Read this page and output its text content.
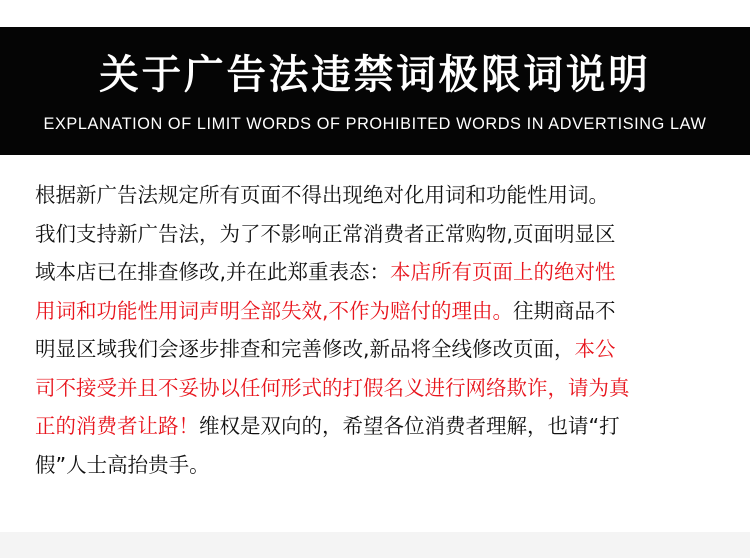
关于广告法违禁词极限词说明
EXPLANATION OF LIMIT WORDS OF PROHIBITED WORDS IN ADVERTISING LAW
根据新广告法规定所有页面不得出现绝对化用词和功能性用词。
我们支持新广告法，为了不影响正常消费者正常购物,页面明显区
域本店已在排查修改,并在此郑重表态：本店所有页面上的绝对性
用词和功能性用词声明全部失效,不作为赔付的理由。往期商品不
明显区域我们会逐步排查和完善修改,新品将全线修改页面，本公
司不接受并且不妥协以任何形式的打假名义进行网络欺诈，请为真
正的消费者让路！维权是双向的，希望各位消费者理解，也请“打
假”人士高抬贵手。
